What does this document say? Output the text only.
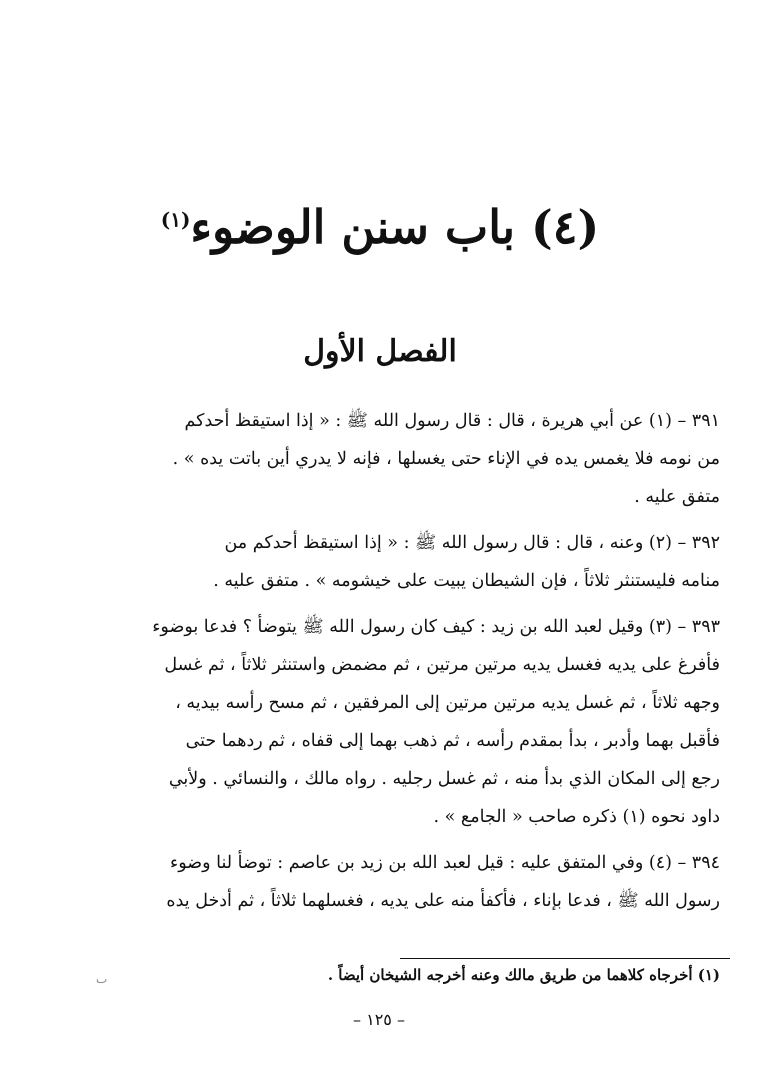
(٤) باب سنن الوضوء$^{(١)}$
الفصل الأول
٣٩١ – (١) عن أبي هريرة ، قال : قال رسول الله ﷺ : « إذا استيقظ أحدكم
من نومه فلا يغمس يده في الإناء حتى يغسلها ، فإنه لا يدري أين باتت يده » .
متفق عليه .
٣٩٢ – (٢) وعنه ، قال : قال رسول الله ﷺ : « إذا استيقظ أحدكم من
منامه فليستنثر ثلاثاً ، فإن الشيطان يبيت على خيشومه » . متفق عليه .
٣٩٣ – (٣) وقيل لعبد الله بن زيد : كيف كان رسول الله ﷺ يتوضأ ؟ فدعا بوضوء
فأفرغ على يديه فغسل يديه مرتين مرتين ، ثم مضمض واستنثر ثلاثاً ، ثم غسل
وجهه ثلاثاً ، ثم غسل يديه مرتين مرتين إلى المرفقين ، ثم مسح رأسه بيديه ،
فأقبل بهما وأدبر ، بدأ بمقدم رأسه ، ثم ذهب بهما إلى قفاه ، ثم ردهما حتى
رجع إلى المكان الذي بدأ منه ، ثم غسل رجليه . رواه مالك ، والنسائي . ولأبي
داود نحوه (١) ذكره صاحب « الجامع » .
٣٩٤ – (٤) وفي المتفق عليه : قيل لعبد الله بن زيد بن عاصم : توضأ لنا وضوء
رسول الله ﷺ ، فدعا بإناء ، فأكفأ منه على يديه ، فغسلهما ثلاثاً ، ثم أدخل يده
(١) أخرجاه كلاهما من طريق مالك وعنه أخرجه الشيخان أيضاً .
ٮ
– ١٢٥ –
